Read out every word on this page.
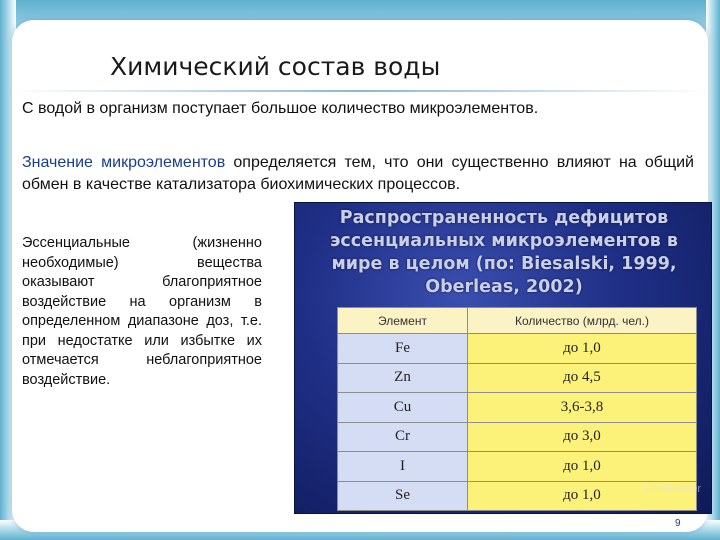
Химический состав воды
С водой в организм поступает большое количество микроэлементов.
Значение микроэлементов определяется тем, что они существенно влияют на общий обмен в качестве катализатора биохимических процессов.
Эссенциальные (жизненно необходимые) вещества оказывают благоприятное воздействие на организм в определенном диапазоне доз, т.е. при недостатке или избытке их отмечается неблагоприятное воздействие.
Распространенность дефицитов эссенциальных микроэлементов в мире в целом (по: Biesalski, 1999, Oberleas, 2002)
Элемент	Количество (млрд. чел.)
Fe	до 1,0
Zn	до 4,5
Cu	3,6-3,8
Cr	до 3,0
I	до 1,0
Se	до 1,0	FineReader
9
